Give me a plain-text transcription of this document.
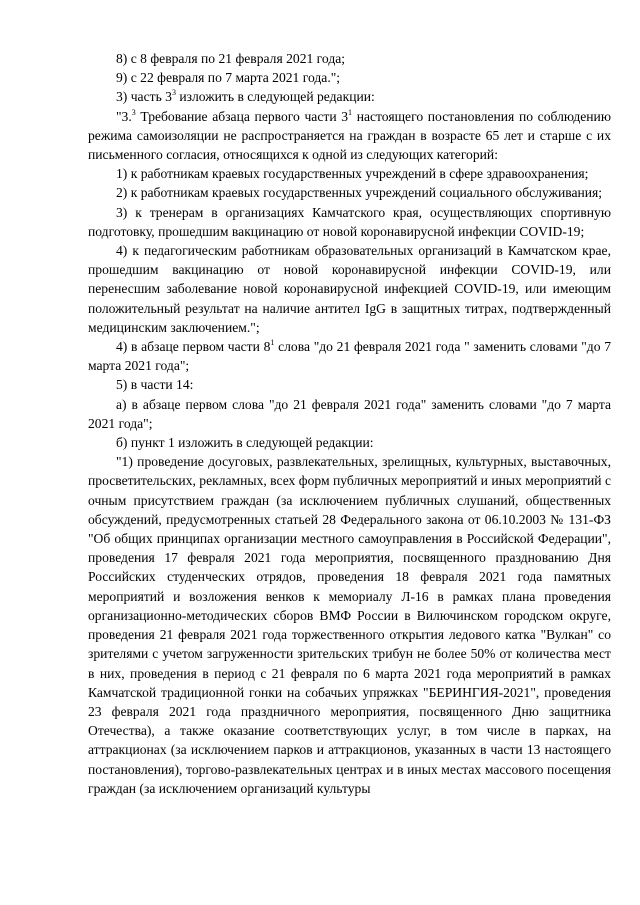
8) с 8 февраля по 21 февраля 2021 года;

9) с 22 февраля по 7 марта 2021 года.";

3) часть $3^3$ изложить в следующей редакции:

"3.$^3$ Требование абзаца первого части $3^1$ настоящего постановления по соблюдению режима самоизоляции не распространяется на граждан в возрасте 65 лет и старше с их письменного согласия, относящихся к одной из следующих категорий:

1) к работникам краевых государственных учреждений в сфере здравоохранения;

2) к работникам краевых государственных учреждений социального обслуживания;

3) к тренерам в организациях Камчатского края, осуществляющих спортивную подготовку, прошедшим вакцинацию от новой коронавирусной инфекции COVID-19;

4) к педагогическим работникам образовательных организаций в Камчатском крае, прошедшим вакцинацию от новой коронавирусной инфекции COVID-19, или перенесшим заболевание новой коронавирусной инфекцией COVID-19, или имеющим положительный результат на наличие антител IgG в защитных титрах, подтвержденный медицинским заключением.";

4) в абзаце первом части $8^1$ слова "до 21 февраля 2021 года " заменить словами "до 7 марта 2021 года";

5) в части 14:

а) в абзаце первом слова "до 21 февраля 2021 года" заменить словами "до 7 марта 2021 года";

б) пункт 1 изложить в следующей редакции:

"1) проведение досуговых, развлекательных, зрелищных, культурных, выставочных, просветительских, рекламных, всех форм публичных мероприятий и иных мероприятий с очным присутствием граждан (за исключением публичных слушаний, общественных обсуждений, предусмотренных статьей 28 Федерального закона от 06.10.2003 № 131-ФЗ "Об общих принципах организации местного самоуправления в Российской Федерации", проведения 17 февраля 2021 года мероприятия, посвященного празднованию Дня Российских студенческих отрядов, проведения 18 февраля 2021 года памятных мероприятий и возложения венков к мемориалу Л-16 в рамках плана проведения организационно-методических сборов ВМФ России в Вилючинском городском округе, проведения 21 февраля 2021 года торжественного открытия ледового катка "Вулкан" со зрителями с учетом загруженности зрительских трибун не более 50% от количества мест в них, проведения в период с 21 февраля по 6 марта 2021 года мероприятий в рамках Камчатской традиционной гонки на собачьих упряжках "БЕРИНГИЯ-2021", проведения 23 февраля 2021 года праздничного мероприятия, посвященного Дню защитника Отечества), а также оказание соответствующих услуг, в том числе в парках, на аттракционах (за исключением парков и аттракционов, указанных в части 13 настоящего постановления), торгово-развлекательных центрах и в иных местах массового посещения граждан (за исключением организаций культуры
